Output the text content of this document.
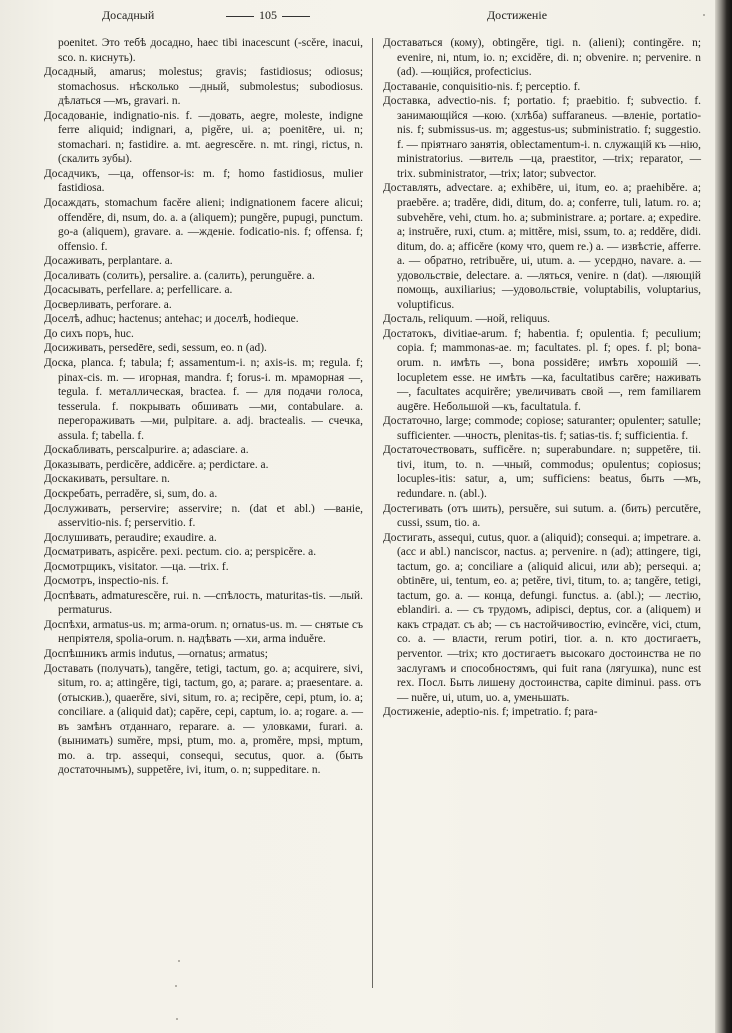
Досадный	105	Достиженіе

poenitet. Это тебѣ досадно, haec tibi inacescunt (-scĕre, inacui, sco. n. киснуть).

Досадный, amarus; molestus; gravis; fastidiosus; odiosus; stomachosus. нѣсколько —дный, submolestus; subodiosus. дѣлаться —мъ, gravari. n.

Досадованіе, indignatio-nis. f. —довать, aegre, moleste, indigne ferre aliquid; indignari, a, pigĕre, ui. a; poenitēre, ui. n; stomachari. n; fastidire. a. mt. aegrescĕre. n. mt. ringi, rictus, n. (скалить зубы).

Досадчикъ, —ца, offensor-is: m. f; homo fastidiosus, mulier fastidiosa.

Досаждать, stomachum facĕre alieni; indignationem facere alicui; offendĕre, di, nsum, do. a. a (aliquem); pungĕre, pupugi, punctum. go-a (aliquem), gravare. a. —жденіе. fodicatio-nis. f; offensa. f; offensio. f.

Досаживать, perplantare. a.

Досаливать (солить), persalire. a. (салить), perunguĕre. a.

Досасывать, perfellare. a; perfellicare. a.

Досверливать, perforare. a.

Доселѣ, adhuc; hactenus; antehac; и доселѣ, hodieque.

До сихъ поръ, huc.

Досиживать, persedēre, sedi, sessum, eo. n (ad).

Доска, planca. f; tabula; f; assamentum-i. n; axis-is. m; regula. f; pinax-cis. m. — игорная, mandra. f; forus-i. m. мраморная —, tegula. f. металлическая, bractea. f. — для подачи голоса, tesserula. f. покрывать обшивать —ми, contabulare. a. перегораживать —ми, pulpitare. a. adj. bractealis. — счечка, assula. f; tabella. f.

Доскабливать, perscalpurire. a; adasciare. a.

Доказывать, perdicĕre, addicĕre. a; perdictare. a.

Доскакивать, persultare. n.

Доскребать, perradĕre, si, sum, do. a.

Дослуживать, perservire; asservire; n. (dat et abl.) —ваніе, asservitio-nis. f; perservitio. f.

Дослушивать, peraudire; exaudire. a.

Досматривать, aspicĕre. pexi. pectum. cio. a; perspicĕre. a.

Досмотрщикъ, visitator. —ца. —trix. f.

Досмотръ, inspectio-nis. f.

Доспѣвать, admaturescĕre, rui. n. —спѣлость, maturitas-tis. —лый. permaturus.

Доспѣхи, armatus-us. m; arma-orum. n; ornatus-us. m. — снятые съ непріятеля, spolia-orum. n. надѣвать —хи, arma induĕre.

Доспѣшникъ armis indutus, —ornatus; armatus;

Доставать (получать), tangĕre, tetigi, tactum, go. a; acquirere, sivi, situm, ro. a; attingĕre, tigi, tactum, go, a; parare. a; praesentare. a. (отыскив.), quaerĕre, sivi, situm, ro. a; recipĕre, cepi, ptum, io. a; conciliare. a (aliquid dat); capĕre, cepi, captum, io. a; rogare. a. — въ замѣнъ отданнаго, reparare. a. — уловками, furari. a. (вынимать) sumĕre, mpsi, ptum, mo. a, promĕre, mpsi, mptum, mo. a. trp. assequi, consequi, secutus, quor. a. (быть достаточнымъ), suppetĕre, ivi, itum, o. n; suppeditare. n.

Доставаться (кому), obtingĕre, tigi. n. (alieni); contingĕre. n; evenire, ni, ntum, io. n; excidĕre, di. n; obvenire. n; pervenire. n (ad). —ющійся, profecticius.

Доставаніе, conquisitio-nis. f; perceptio. f.

Доставка, advectio-nis. f; portatio. f; praebitio. f; subvectio. f. занимающійся —кою. (хлѣба) suffaraneus. —вленіе, portatio-nis. f; submissus-us. m; aggestus-us; subministratio. f; suggestio. f. — пріятнаго занятія, oblectamentum-i. n. служащій къ —нію, ministratorius. —витель —ца, praestitor, —trix; reparator, — trix. subministrator, —trix; lator; subvector.

Доставлять, advectare. a; exhibēre, ui, itum, eo. a; praehibĕre. a; praebĕre. a; tradĕre, didi, ditum, do. a; conferre, tuli, latum. ro. a; subvehĕre, vehi, ctum. ho. a; subministrare. a; portare. a; expedire. a; instruĕre, ruxi, ctum. a; mittĕre, misi, ssum, to. a; reddĕre, didi. ditum, do. a; afficĕre (кому что, quem re.) a. — извѣстіе, afferre. a. — обратно, retribuĕre, ui, utum. a. — усердно, navare. a. — удовольствіе, delectare. a. —ляться, venire. n (dat). —ляющій помощь, auxiliarius; —удовольствіе, voluptabilis, voluptarius, voluptificus.

Досталь, reliquum. —ной, reliquus.

Достатокъ, divitiae-arum. f; habentia. f; opulentia. f; peculium; copia. f; mammonas-ae. m; facultates. pl. f; opes. f. pl; bona-orum. n. имѣть —, bona possidēre; имѣть хорошій —. locupletem esse. не имѣть —ка, facultatibus carēre; наживать —, facultates acquirĕre; увеличивать свой —, rem familiarem augēre. Небольшой —къ, facultatula. f.

Достаточно, large; commode; copiose; saturanter; opulenter; satulle; sufficienter. —чность, plenitas-tis. f; satias-tis. f; sufficientia. f.

Достаточествовать, sufficĕre. n; superabundare. n; suppetĕre, tii. tivi, itum, to. n. —чный, commodus; opulentus; copiosus; locuples-itis: satur, a, um; sufficiens: beatus, быть —мъ, redundare. n. (abl.).

Достегивать (отъ шить), persuĕre, sui sutum. a. (бить) percutĕre, cussi, ssum, tio. a.

Достигать, assequi, cutus, quor. a (aliquid); consequi. a; impetrare. a. (acc и abl.) nanciscor, nactus. a; pervenire. n (ad); attingere, tigi, tactum, go. a; conciliare a (aliquid alicui, или ab); persequi. a; obtinēre, ui, tentum, eo. a; petĕre, tivi, titum, to. a; tangĕre, tetigi, tactum, go. a. — конца, defungi. functus. a. (abl.); — лестію, eblandiri. a. — съ трудомъ, adipisci, deptus, cor. a (aliquem) и какъ страдат. съ ab; — съ настойчивостію, evincĕre, vici, ctum, co. a. — власти, rerum potiri, tior. a. n. кто достигаетъ, perventor. —trix; кто достигаетъ высокаго достоинства не по заслугамъ и способностямъ, qui fuit rana (лягушка), nunc est rex. Посл. Быть лишену достоинства, capite diminui. pass. отъ — nuĕre, ui, utum, uo. a, уменьшать.

Достиженіе, adeptio-nis. f; impetratio. f; para-
